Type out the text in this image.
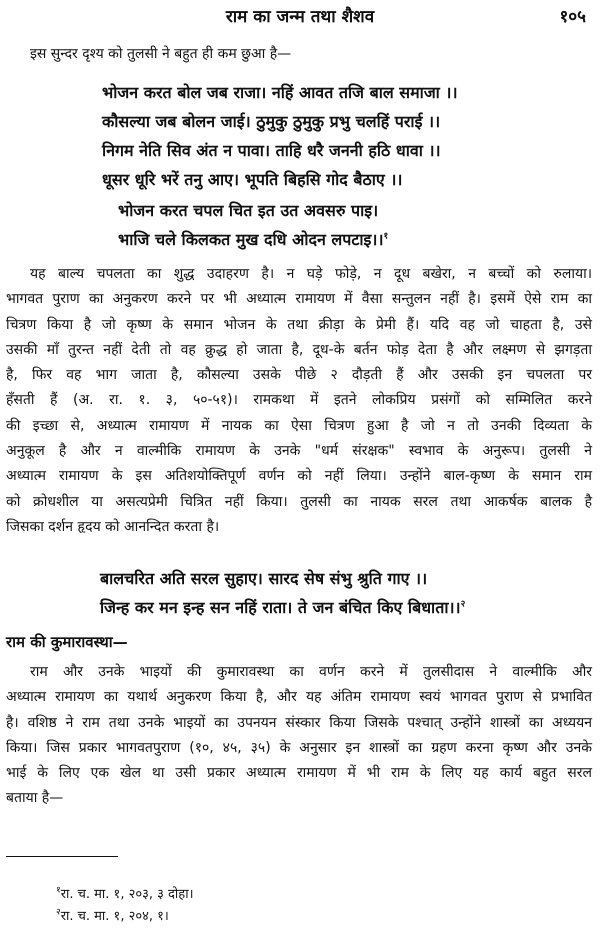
राम का जन्म तथा शैशव	१०५
इस सुन्दर दृश्य को तुलसी ने बहुत ही कम छुआ है—
भोजन करत बोल जब राजा। नहिं आवत तजि बाल समाजा ।।
कौसल्या जब बोलन जाई। ठुमुकु ठुमुकु प्रभु चलहिं पराई ।।
निगम नेति सिव अंत न पावा। ताहि धरै जननी हठि धावा ।।
धूसर धूरि भरें तनु आए। भूपति बिहसि गोद बैठाए ।।
भोजन करत चपल चित इत उत अवसरु पाइ।
भाजि चले किलकत मुख दधि ओदन लपटाइ।।$^१$
यह बाल्य चपलता का शुद्ध उदाहरण है। न घड़े फोड़े, न दूध बखेरा, न बच्चों को रुलाया।
भागवत पुराण का अनुकरण करने पर भी अध्यात्म रामायण में वैसा सन्तुलन नहीं है। इसमें ऐसे राम का
चित्रण किया है जो कृष्ण के समान भोजन के तथा क्रीड़ा के प्रेमी हैं। यदि वह जो चाहता है, उसे
उसकी माँ तुरन्त नहीं देती तो वह क्रुद्ध हो जाता है, दूध-के बर्तन फोड़ देता है और लक्ष्मण से झगड़ता
है, फिर वह भाग जाता है, कौसल्या उसके पीछे २ दौड़ती हैं और उसकी इन चपलता पर
हँसती हैं (अ. रा. १. ३, ५०-५१)। रामकथा में इतने लोकप्रिय प्रसंगों को सम्मिलित करने
की इच्छा से, अध्यात्म रामायण में नायक का ऐसा चित्रण हुआ है जो न तो उनकी दिव्यता के
अनुकूल है और न वाल्मीकि रामायण के उनके "धर्म संरक्षक" स्वभाव के अनुरूप। तुलसी ने
अध्यात्म रामायण के इस अतिशयोक्तिपूर्ण वर्णन को नहीं लिया। उन्होंने बाल-कृष्ण के समान राम
को क्रोधशील या असत्यप्रेमी चित्रित नहीं किया। तुलसी का नायक सरल तथा आकर्षक बालक है
जिसका दर्शन हृदय को आनन्दित करता है।
बालचरित अति सरल सुहाए। सारद सेष संभु श्रुति गाए ।।
जिन्ह कर मन इन्ह सन नहिं राता। ते जन बंचित किए बिधाता।।$^२$
राम की कुमारावस्था—
राम और उनके भाइयों की कुमारावस्था का वर्णन करने में तुलसीदास ने वाल्मीकि और
अध्यात्म रामायण का यथार्थ अनुकरण किया है, और यह अंतिम रामायण स्वयं भागवत पुराण से प्रभावित
है। वशिष्ठ ने राम तथा उनके भाइयों का उपनयन संस्कार किया जिसके पश्चात् उन्होंने शास्त्रों का अध्ययन
किया। जिस प्रकार भागवतपुराण (१०, ४५, ३५) के अनुसार इन शास्त्रों का ग्रहण करना कृष्ण और उनके
भाई के लिए एक खेल था उसी प्रकार अध्यात्म रामायण में भी राम के लिए यह कार्य बहुत सरल
बताया है—
$^१$रा. च. मा. १, २०३, ३ दोहा।
$^२$रा. च. मा. १, २०४, १।
